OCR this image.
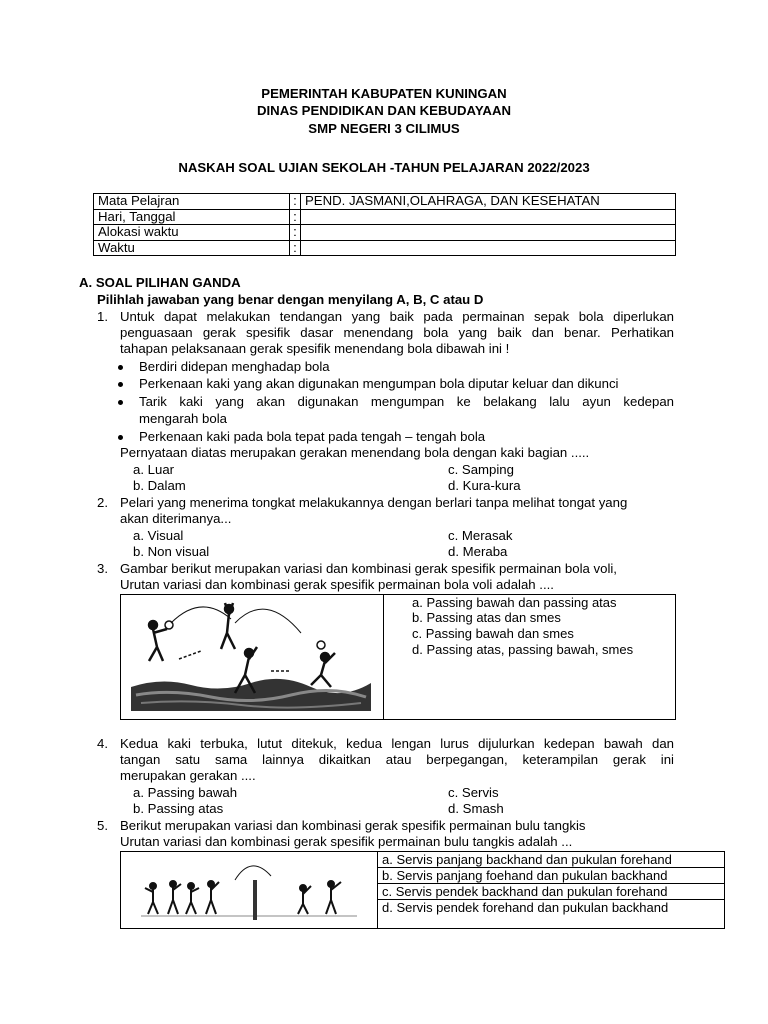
PEMERINTAH KABUPATEN KUNINGAN
DINAS PENDIDIKAN DAN KEBUDAYAAN
SMP NEGERI 3 CILIMUS
NASKAH SOAL UJIAN SEKOLAH -TAHUN PELAJARAN 2022/2023
Mata Pelajran	:	PEND. JASMANI,OLAHRAGA, DAN KESEHATAN
Hari, Tanggal	:	
Alokasi waktu	:	
Waktu	:	
A. SOAL PILIHAN GANDA
Pilihlah jawaban yang benar dengan menyilang A, B, C atau D
1. Untuk dapat melakukan tendangan yang baik pada permainan sepak bola diperlukan
penguasaan gerak spesifik dasar menendang bola yang baik dan benar. Perhatikan
tahapan pelaksanaan gerak spesifik menendang bola dibawah ini !
Berdiri didepan menghadap bola
Perkenaan kaki yang akan digunakan mengumpan bola diputar keluar dan dikunci
Tarik kaki yang akan digunakan mengumpan ke belakang lalu ayun kedepan
mengarah bola
Perkenaan kaki pada bola tepat pada tengah – tengah bola
Pernyataan diatas merupakan gerakan menendang bola dengan kaki bagian .....
a. Luar
b. Dalam
c. Samping
d. Kura-kura
2. Pelari yang menerima tongkat melakukannya dengan berlari tanpa melihat tongat yang
akan diterimanya...
a. Visual
b. Non visual
c. Merasak
d. Meraba
3. Gambar berikut merupakan variasi dan kombinasi gerak spesifik permainan bola voli,
Urutan variasi dan kombinasi gerak spesifik permainan bola voli adalah ....
a. Passing bawah dan passing atas
b. Passing atas dan smes
c. Passing bawah dan smes
d. Passing atas, passing bawah, smes
4. Kedua kaki terbuka, lutut ditekuk, kedua lengan lurus dijulurkan kedepan bawah dan
tangan satu sama lainnya dikaitkan atau berpegangan, keterampilan gerak ini
merupakan gerakan ....
a. Passing bawah
b. Passing atas
c. Servis
d. Smash
5. Berikut merupakan variasi dan kombinasi gerak spesifik permainan bulu tangkis
Urutan variasi dan kombinasi gerak spesifik permainan bulu tangkis adalah ...
a. Servis panjang backhand dan pukulan forehand
b. Servis panjang foehand dan pukulan backhand
c. Servis pendek backhand dan pukulan forehand
d. Servis pendek forehand dan pukulan backhand
